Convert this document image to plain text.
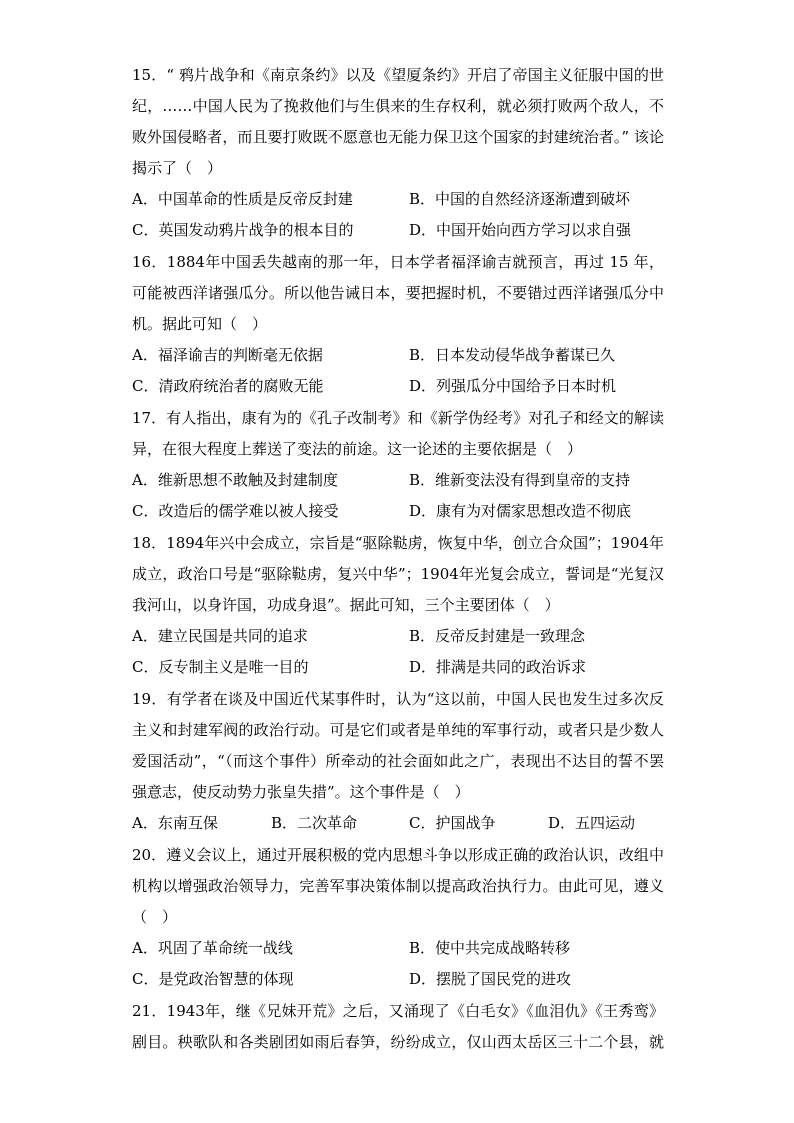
15．“ 鸦片战争和《南京条约》以及《望厦条约》开启了帝国主义征服中国的世
纪，……中国人民为了挽救他们与生俱来的生存权利，就必须打败两个敌人，不
败外国侵略者，而且要打败既不愿意也无能力保卫这个国家的封建统治者。” 该论
揭示了（　）
A．中国革命的性质是反帝反封建	B．中国的自然经济逐渐遭到破坏
C．英国发动鸦片战争的根本目的	D．中国开始向西方学习以求自强
16．1884年中国丢失越南的那一年，日本学者福泽谕吉就预言，再过 15 年，
可能被西洋诸强瓜分。所以他告诫日本，要把握时机，不要错过西洋诸强瓜分中
机。据此可知（　）
A．福泽谕吉的判断毫无依据	B．日本发动侵华战争蓄谋已久
C．清政府统治者的腐败无能	D．列强瓜分中国给予日本时机
17．有人指出，康有为的《孔子改制考》和《新学伪经考》对孔子和经文的解读
异，在很大程度上葬送了变法的前途。这一论述的主要依据是（　）
A．维新思想不敢触及封建制度	B．维新变法没有得到皇帝的支持
C．改造后的儒学难以被人接受	D．康有为对儒家思想改造不彻底
18．1894年兴中会成立，宗旨是“驱除鞑虏，恢复中华，创立合众国”；1904年
成立，政治口号是“驱除鞑虏，复兴中华”；1904年光复会成立，誓词是“光复汉
我河山，以身许国，功成身退”。据此可知，三个主要团体（　）
A．建立民国是共同的追求	B．反帝反封建是一致理念
C．反专制主义是唯一目的	D．排满是共同的政治诉求
19．有学者在谈及中国近代某事件时，认为“这以前，中国人民也发生过多次反
主义和封建军阀的政治行动。可是它们或者是单纯的军事行动，或者只是少数人
爱国活动”，“（而这个事件）所牵动的社会面如此之广，表现出不达目的誓不罢
强意志，使反动势力张皇失措”。这个事件是（　）
A．东南互保	B．二次革命	C．护国战争	D．五四运动
20．遵义会议上，通过开展积极的党内思想斗争以形成正确的政治认识，改组中
机构以增强政治领导力，完善军事决策体制以提高政治执行力。由此可见，遵义
（　）
A．巩固了革命统一战线	B．使中共完成战略转移
C．是党政治智慧的体现	D．摆脱了国民党的进攻
21．1943年，继《兄妹开荒》之后，又涌现了《白毛女》《血泪仇》《王秀鸾》
剧目。秧歌队和各类剧团如雨后春笋，纷纷成立，仅山西太岳区三十二个县，就
